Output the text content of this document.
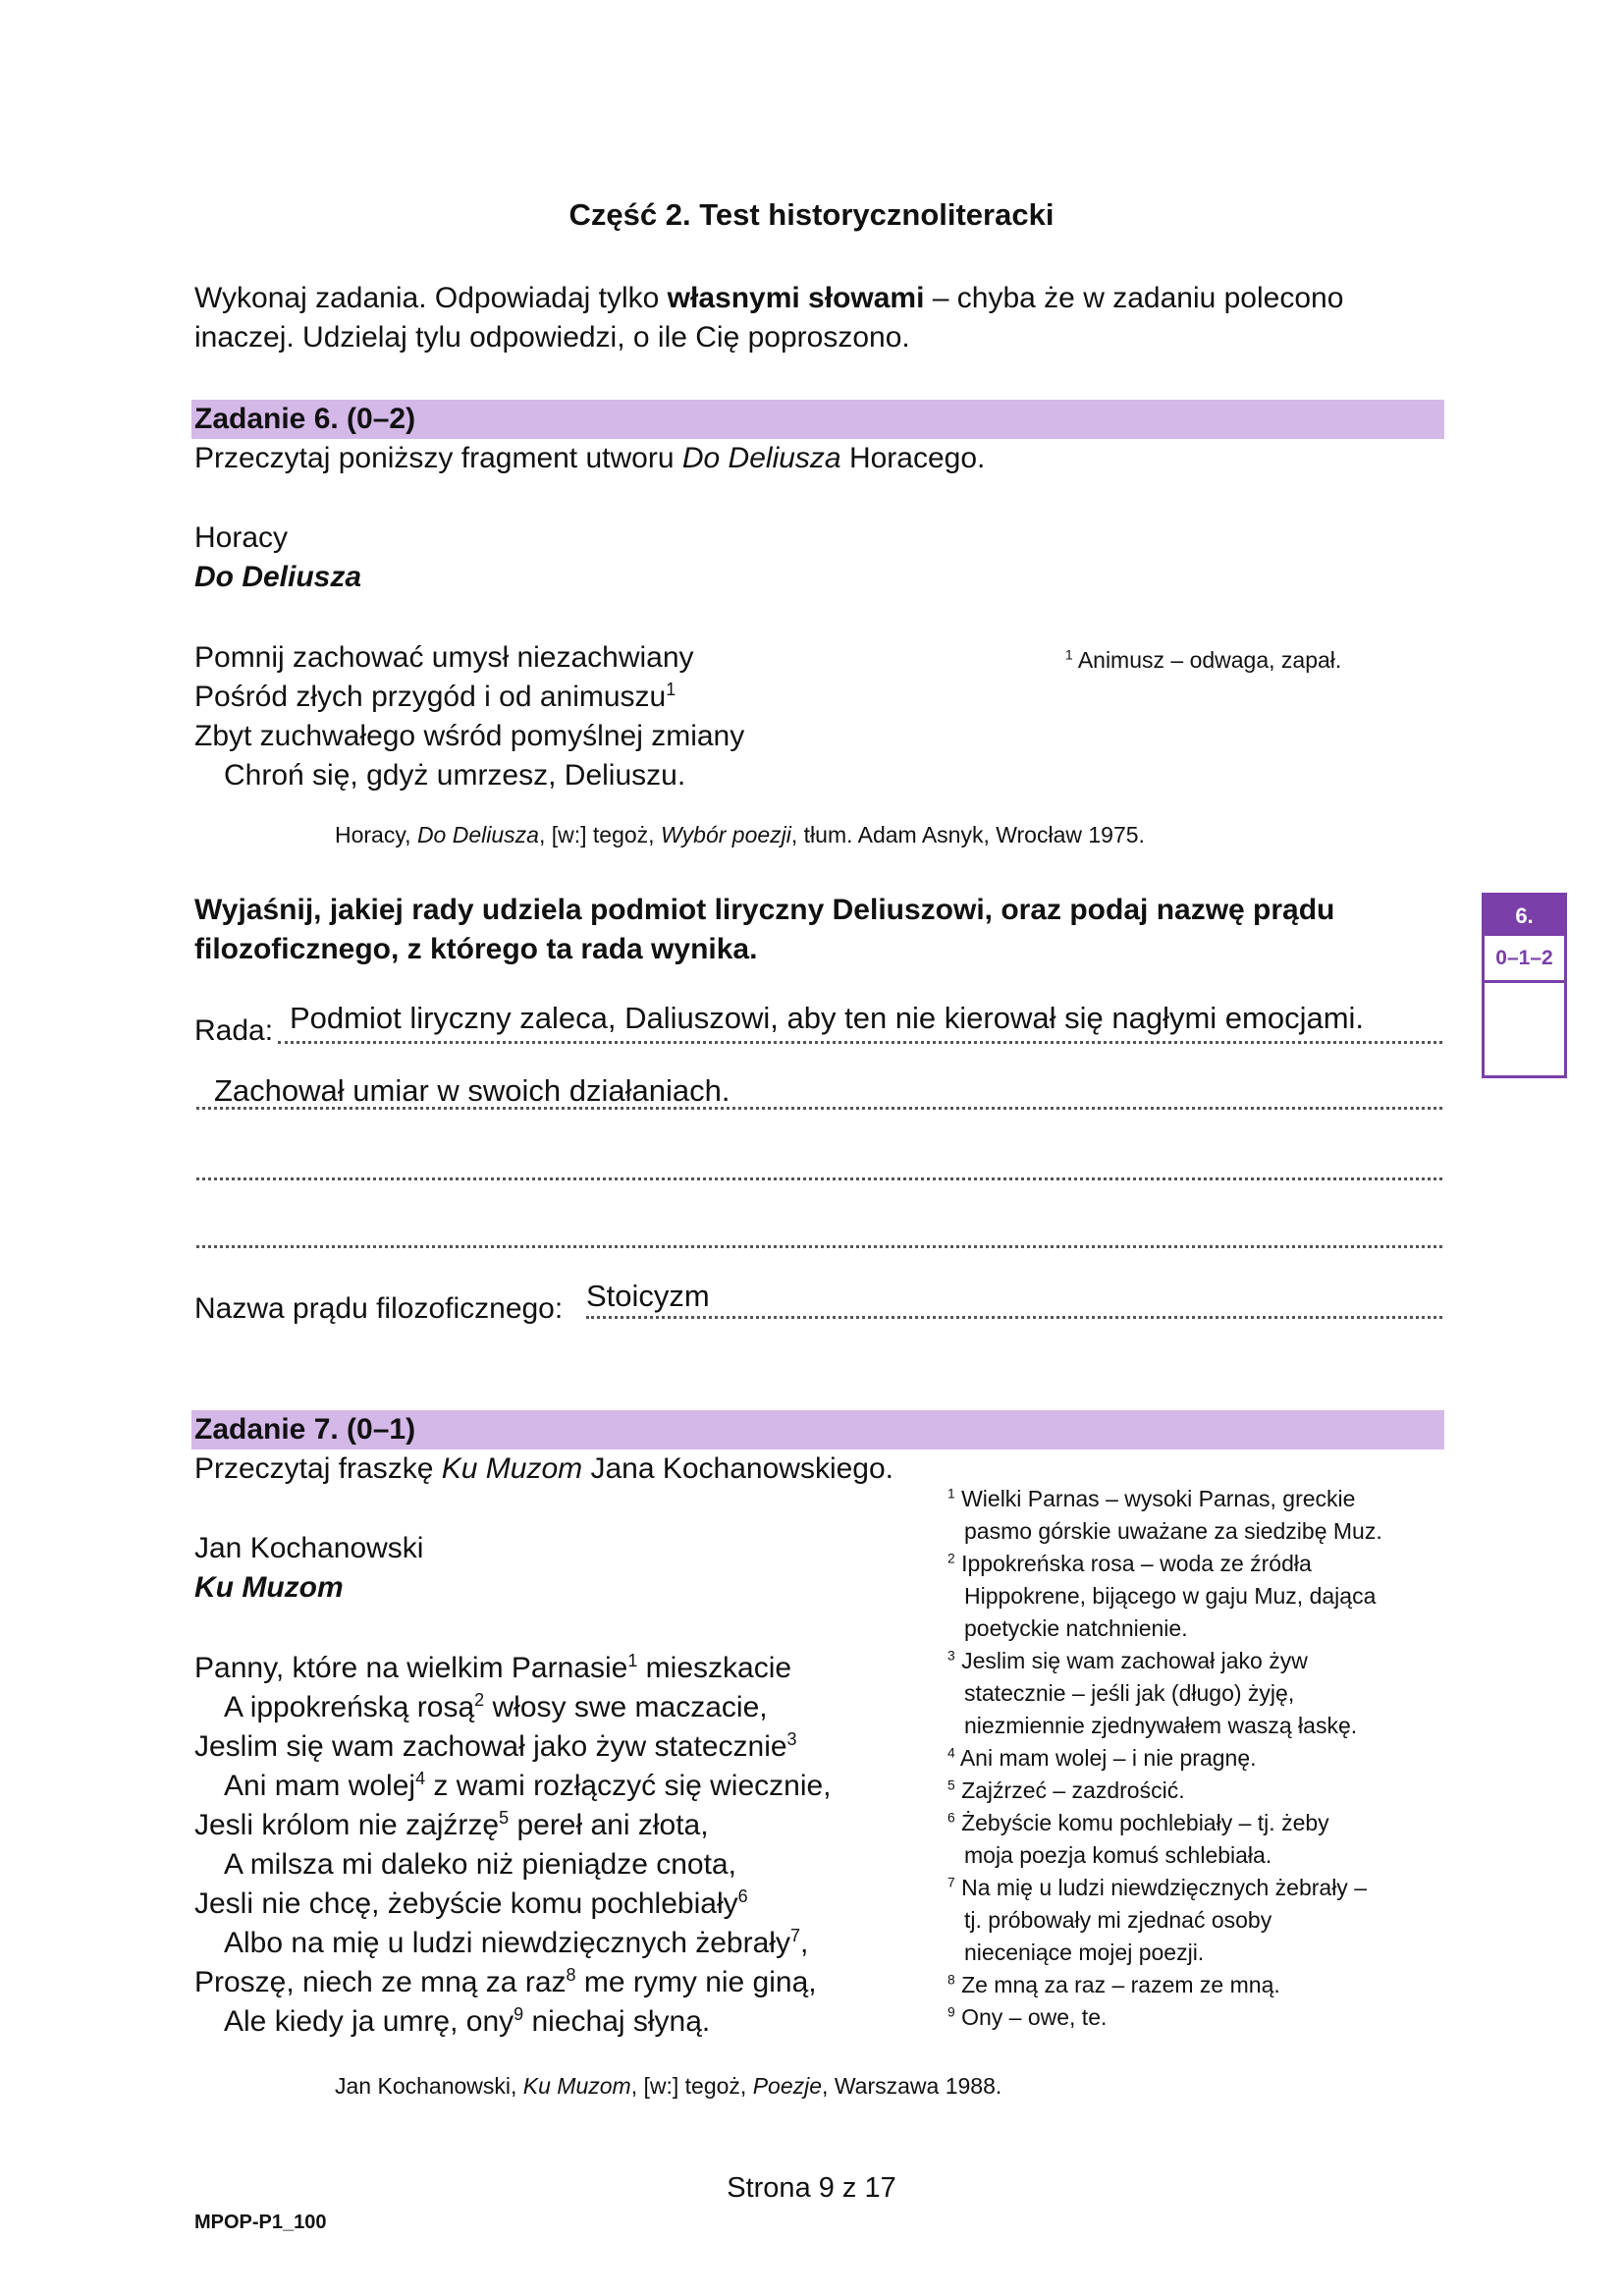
Część 2. Test historycznoliteracki
Wykonaj zadania. Odpowiadaj tylko własnymi słowami – chyba że w zadaniu polecono
inaczej. Udzielaj tylu odpowiedzi, o ile Cię poproszono.
Zadanie 6. (0–2)
Przeczytaj poniższy fragment utworu Do Deliusza Horacego.
Horacy
Do Deliusza
Pomnij zachować umysł niezachwiany
Pośród złych przygód i od animuszu$^1$
Zbyt zuchwałego wśród pomyślnej zmiany
Chroń się, gdyż umrzesz, Deliuszu.
$^1$ Animusz – odwaga, zapał.
Horacy, Do Deliusza, [w:] tegoż, Wybór poezji, tłum. Adam Asnyk, Wrocław 1975.
Wyjaśnij, jakiej rady udziela podmiot liryczny Deliuszowi, oraz podaj nazwę prądu
filozoficznego, z którego ta rada wynika.
6.
0–1–2
Rada: Podmiot liryczny zaleca, Daliuszowi, aby ten nie kierował się nagłymi emocjami.
Zachował umiar w swoich działaniach.
Nazwa prądu filozoficznego: Stoicyzm
Zadanie 7. (0–1)
Przeczytaj fraszkę Ku Muzom Jana Kochanowskiego.
Jan Kochanowski
Ku Muzom
Panny, które na wielkim Parnasie$^1$ mieszkacie
A ippokreńską rosą$^2$ włosy swe maczacie,
Jeslim się wam zachował jako żyw statecznie$^3$
Ani mam wolej$^4$ z wami rozłączyć się wiecznie,
Jesli królom nie zajźrzę$^5$ pereł ani złota,
A milsza mi daleko niż pieniądze cnota,
Jesli nie chcę, żebyście komu pochlebiały$^6$
Albo na mię u ludzi niewdzięcznych żebrały$^7$,
Proszę, niech ze mną za raz$^8$ me rymy nie giną,
Ale kiedy ja umrę, ony$^9$ niechaj słyną.
$^1$ Wielki Parnas – wysoki Parnas, greckie
pasmo górskie uważane za siedzibę Muz.
$^2$ Ippokreńska rosa – woda ze źródła
Hippokrene, bijącego w gaju Muz, dająca
poetyckie natchnienie.
$^3$ Jeslim się wam zachował jako żyw
statecznie – jeśli jak (długo) żyję,
niezmiennie zjednywałem waszą łaskę.
$^4$ Ani mam wolej – i nie pragnę.
$^5$ Zajźrzeć – zazdrościć.
$^6$ Żebyście komu pochlebiały – tj. żeby
moja poezja komuś schlebiała.
$^7$ Na mię u ludzi niewdzięcznych żebrały –
tj. próbowały mi zjednać osoby
nieceniące mojej poezji.
$^8$ Ze mną za raz – razem ze mną.
$^9$ Ony – owe, te.
Jan Kochanowski, Ku Muzom, [w:] tegoż, Poezje, Warszawa 1988.
Strona 9 z 17
MPOP-P1_100
